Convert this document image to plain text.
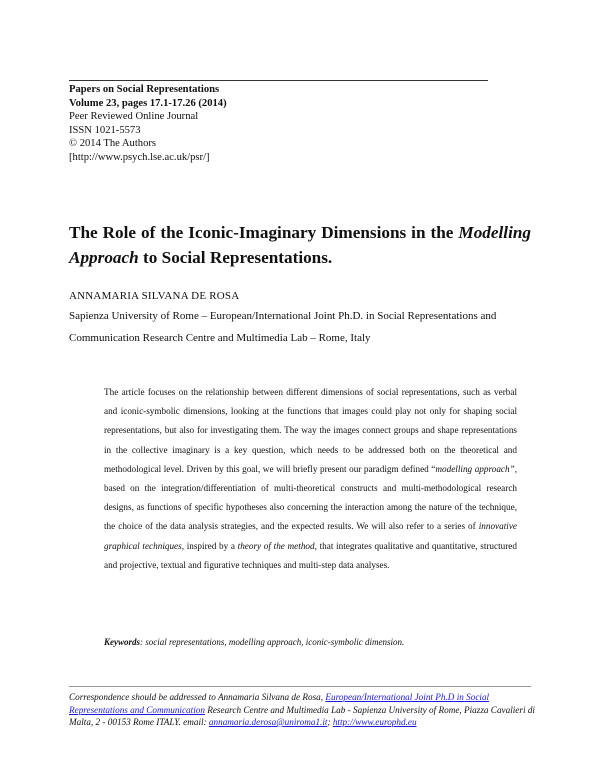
Papers on Social Representations
Volume 23, pages 17.1-17.26 (2014)
Peer Reviewed Online Journal
ISSN 1021-5573
© 2014 The Authors
[http://www.psych.lse.ac.uk/psr/]
The Role of the Iconic-Imaginary Dimensions in the Modelling Approach to Social Representations.
ANNAMARIA SILVANA DE ROSA
Sapienza University of Rome – European/International Joint Ph.D. in Social Representations and Communication Research Centre and Multimedia Lab – Rome, Italy
The article focuses on the relationship between different dimensions of social representations, such as verbal and iconic-symbolic dimensions, looking at the functions that images could play not only for shaping social representations, but also for investigating them. The way the images connect groups and shape representations in the collective imaginary is a key question, which needs to be addressed both on the theoretical and methodological level. Driven by this goal, we will briefly present our paradigm defined “modelling approach”, based on the integration/differentiation of multi-theoretical constructs and multi-methodological research designs, as functions of specific hypotheses also concerning the interaction among the nature of the technique, the choice of the data analysis strategies, and the expected results. We will also refer to a series of innovative graphical techniques, inspired by a theory of the method, that integrates qualitative and quantitative, structured and projective, textual and figurative techniques and multi-step data analyses.
Keywords: social representations, modelling approach, iconic-symbolic dimension.
Correspondence should be addressed to Annamaria Silvana de Rosa, European/International Joint Ph.D in Social Representations and Communication Research Centre and Multimedia Lab - Sapienza University of Rome, Piazza Cavalieri di Malta, 2 - 00153 Rome ITALY. email: annamaria.derosa@uniroma1.it; http://www.europhd.eu
